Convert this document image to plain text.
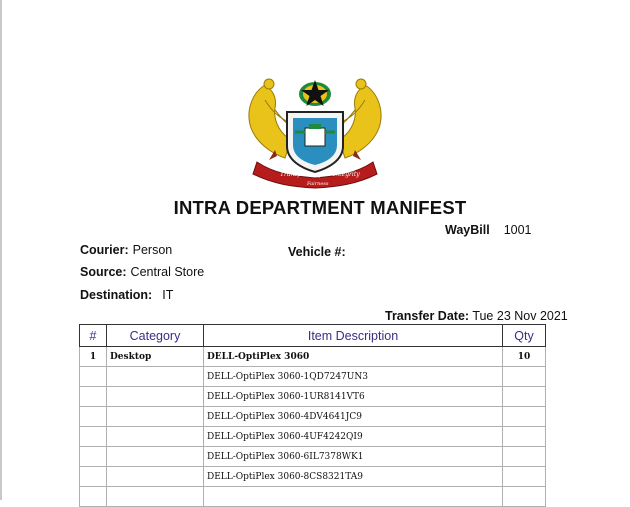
Transparency Integrity
Fairness
INTRA DEPARTMENT MANIFEST
WayBill 1001
Courier: Person	Vehicle #:
Source: Central Store
Destination: IT
Transfer Date: Tue 23 Nov 2021
#	Category	Item Description	Qty
1	Desktop	DELL-OptiPlex 3060	10
		DELL-OptiPlex 3060-1QD7247UN3	
		DELL-OptiPlex 3060-1UR8141VT6	
		DELL-OptiPlex 3060-4DV4641JC9	
		DELL-OptiPlex 3060-4UF4242QI9	
		DELL-OptiPlex 3060-6IL7378WK1	
		DELL-OptiPlex 3060-8CS8321TA9	
